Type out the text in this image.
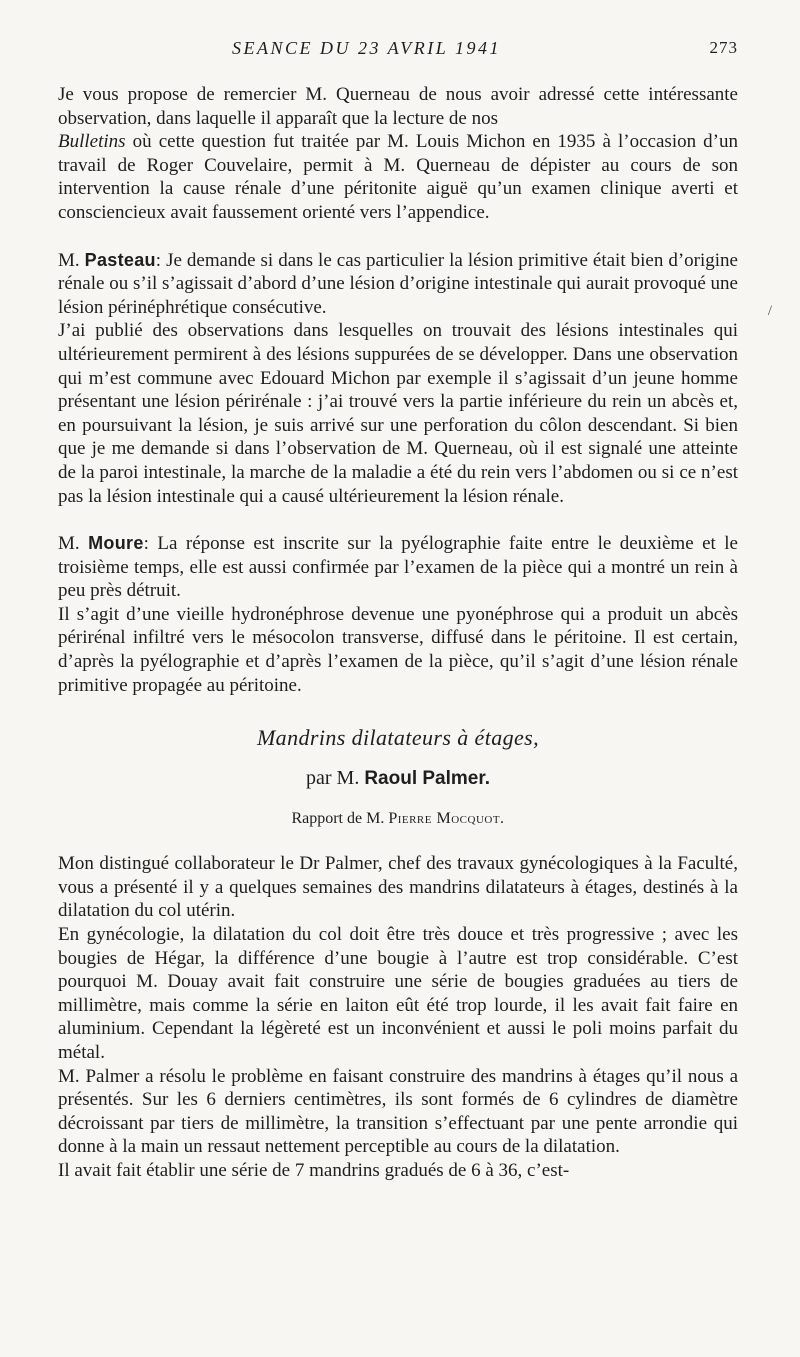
SEANCE DU 23 AVRIL 1941	273
/

Je vous propose de remercier M. Querneau de nous avoir adressé cette intéressante observation, dans laquelle il apparaît que la lecture de nos
Bulletins où cette question fut traitée par M. Louis Michon en 1935 à l’occasion d’un travail de Roger Couvelaire, permit à M. Querneau de dépister au cours de son intervention la cause rénale d’une péritonite aiguë qu’un examen clinique averti et consciencieux avait faussement orienté vers l’appendice.

M. Pasteau: Je demande si dans le cas particulier la lésion primitive était bien d’origine rénale ou s’il s’agissait d’abord d’une lésion d’origine intestinale qui aurait provoqué une lésion périnéphrétique consécutive.

J’ai publié des observations dans lesquelles on trouvait des lésions intestinales qui ultérieurement permirent à des lésions suppurées de se développer. Dans une observation qui m’est commune avec Edouard Michon par exemple il s’agissait d’un jeune homme présentant une lésion périrénale : j’ai trouvé vers la partie inférieure du rein un abcès et, en poursuivant la lésion, je suis arrivé sur une perforation du côlon descendant. Si bien que je me demande si dans l’observation de M. Querneau, où il est signalé une atteinte de la paroi intestinale, la marche de la maladie a été du rein vers l’abdomen ou si ce n’est pas la lésion intestinale qui a causé ultérieurement la lésion rénale.

M. Moure: La réponse est inscrite sur la pyélographie faite entre le deuxième et le troisième temps, elle est aussi confirmée par l’examen de la pièce qui a montré un rein à peu près détruit.

Il s’agit d’une vieille hydronéphrose devenue une pyonéphrose qui a produit un abcès périrénal infiltré vers le mésocolon transverse, diffusé dans le péritoine. Il est certain, d’après la pyélographie et d’après l’examen de la pièce, qu’il s’agit d’une lésion rénale primitive propagée au péritoine.

Mandrins dilatateurs à étages,
par M. Raoul Palmer.
Rapport de M. Pierre Mocquot.

Mon distingué collaborateur le Dr Palmer, chef des travaux gynécologiques à la Faculté, vous a présenté il y a quelques semaines des mandrins dilatateurs à étages, destinés à la dilatation du col utérin.

En gynécologie, la dilatation du col doit être très douce et très progressive ; avec les bougies de Hégar, la différence d’une bougie à l’autre est trop considérable. C’est pourquoi M. Douay avait fait construire une série de bougies graduées au tiers de millimètre, mais comme la série en laiton eût été trop lourde, il les avait fait faire en aluminium. Cependant la légèreté est un inconvénient et aussi le poli moins parfait du métal.

M. Palmer a résolu le problème en faisant construire des mandrins à étages qu’il nous a présentés. Sur les 6 derniers centimètres, ils sont formés de 6 cylindres de diamètre décroissant par tiers de millimètre, la transition s’effectuant par une pente arrondie qui donne à la main un ressaut nettement perceptible au cours de la dilatation.

Il avait fait établir une série de 7 mandrins gradués de 6 à 36, c’est-
